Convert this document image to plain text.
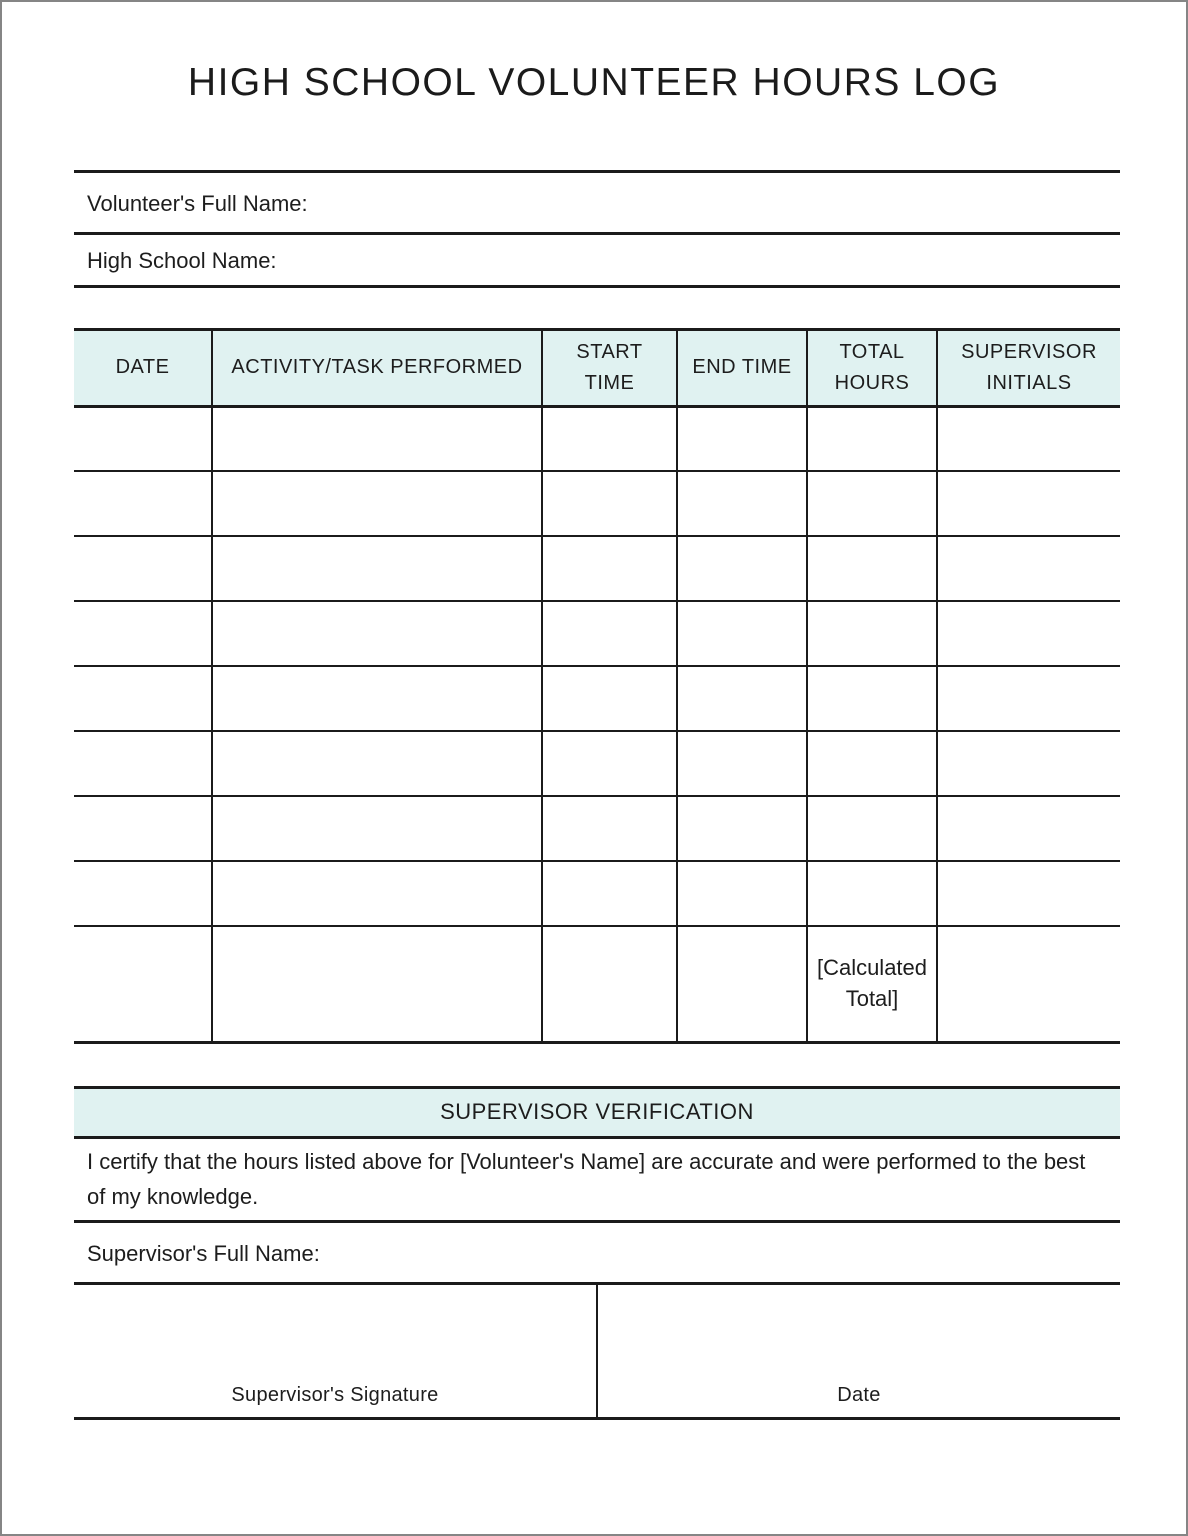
HIGH SCHOOL VOLUNTEER HOURS LOG
Volunteer's Full Name:
High School Name:
DATE	ACTIVITY/TASK PERFORMED	START TIME	END TIME	TOTAL HOURS	SUPERVISOR INITIALS

				[Calculated Total]	
SUPERVISOR VERIFICATION

I certify that the hours listed above for [Volunteer's Name] are accurate and were performed to the best of my knowledge.

Supervisor's Full Name:
Supervisor's Signature	Date
